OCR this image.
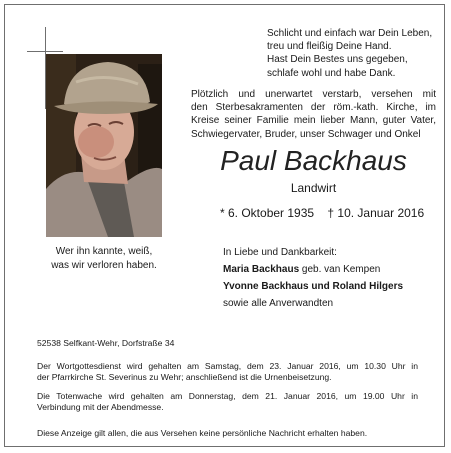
Schlicht und einfach war Dein Leben,
treu und fleißig Deine Hand.
Hast Dein Bestes uns gegeben,
schlafe wohl und habe Dank.
Plötzlich und unerwartet verstarb, versehen mit
den Sterbesakramenten der röm.-kath. Kirche, im
Kreise seiner Familie mein lieber Mann, guter Vater,
Schwiegervater, Bruder, unser Schwager und Onkel
Paul Backhaus
Landwirt
* 6. Oktober 1935 † 10. Januar 2016
Wer ihn kannte, weiß,
was wir verloren haben.
In Liebe und Dankbarkeit:
Maria Backhaus geb. van Kempen
Yvonne Backhaus und Roland Hilgers
sowie alle Anverwandten
52538 Selfkant-Wehr, Dorfstraße 34
Der Wortgottesdienst wird gehalten am Samstag, dem 23. Januar 2016, um 10.30 Uhr in
der Pfarrkirche St. Severinus zu Wehr; anschließend ist die Urnenbeisetzung.
Die Totenwache wird gehalten am Donnerstag, dem 21. Januar 2016, um 19.00 Uhr in
Verbindung mit der Abendmesse.
Diese Anzeige gilt allen, die aus Versehen keine persönliche Nachricht erhalten haben.
